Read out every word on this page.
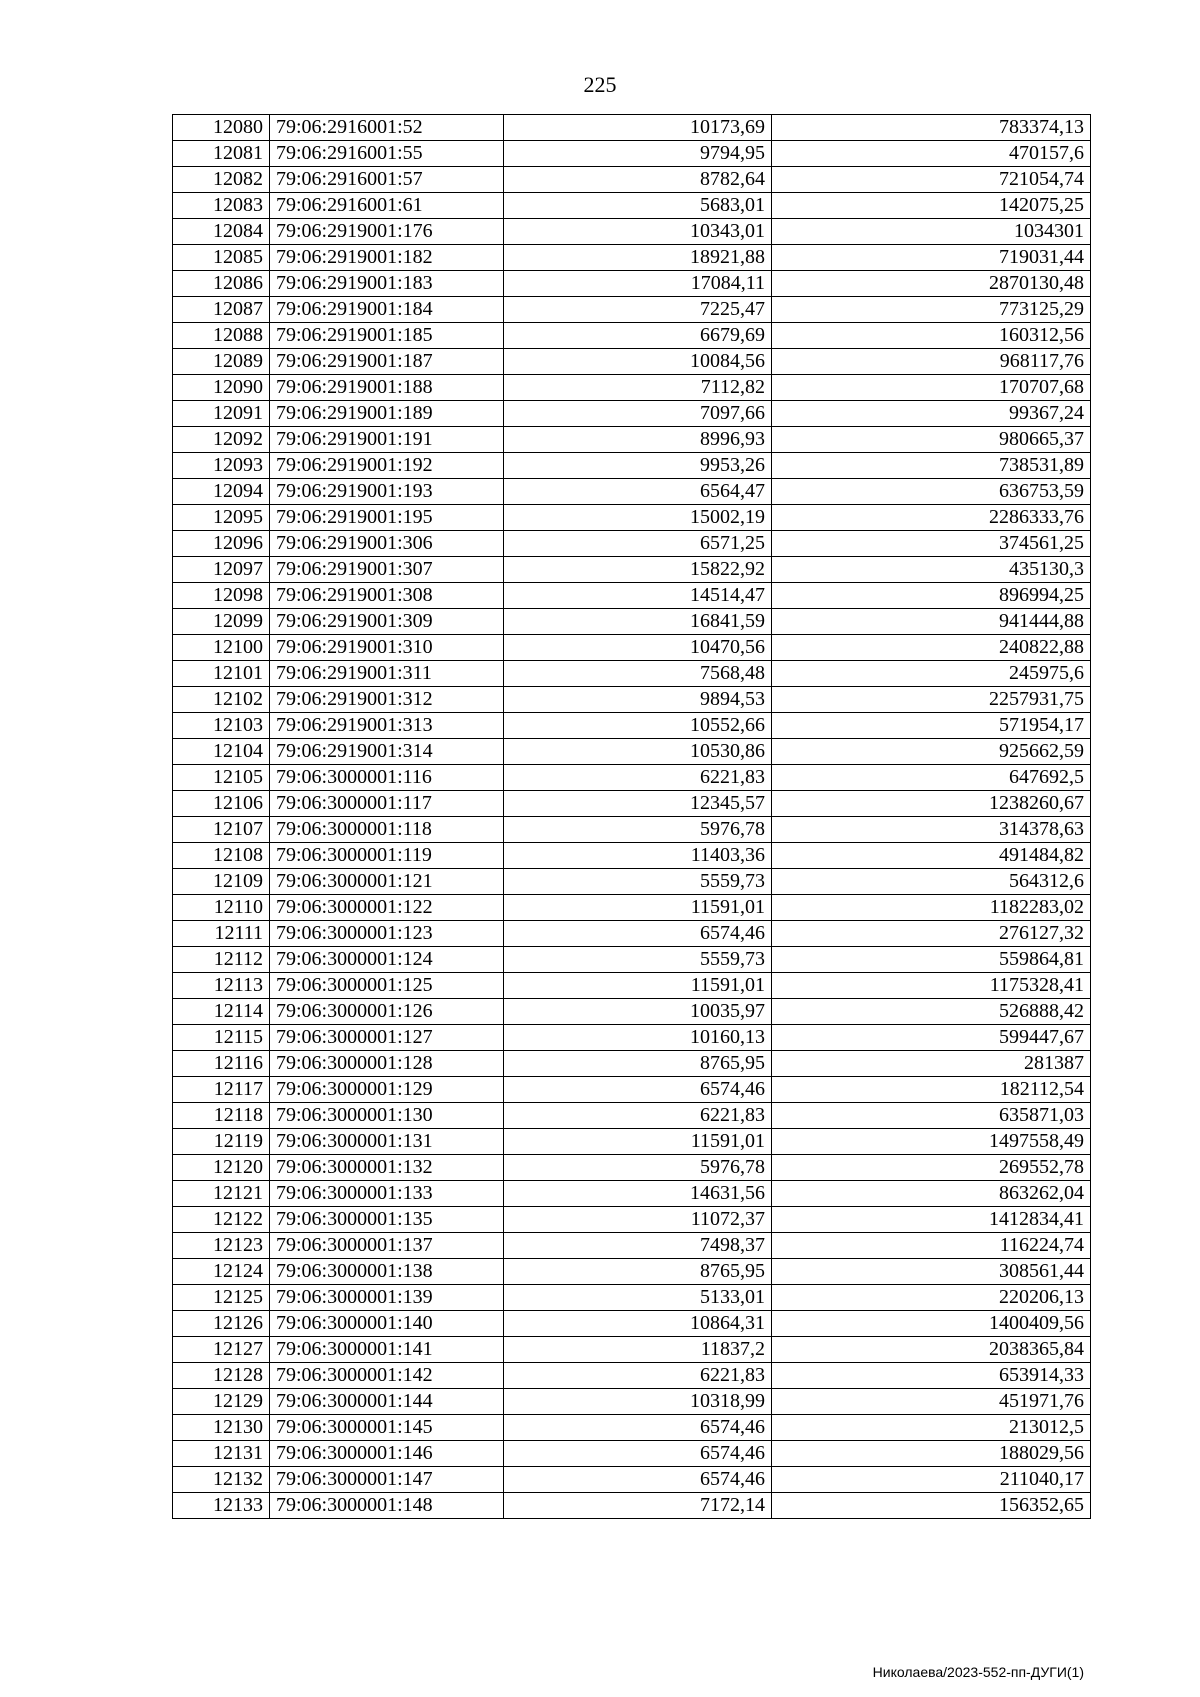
225
12080	79:06:2916001:52	10173,69	783374,13
12081	79:06:2916001:55	9794,95	470157,6
12082	79:06:2916001:57	8782,64	721054,74
12083	79:06:2916001:61	5683,01	142075,25
12084	79:06:2919001:176	10343,01	1034301
12085	79:06:2919001:182	18921,88	719031,44
12086	79:06:2919001:183	17084,11	2870130,48
12087	79:06:2919001:184	7225,47	773125,29
12088	79:06:2919001:185	6679,69	160312,56
12089	79:06:2919001:187	10084,56	968117,76
12090	79:06:2919001:188	7112,82	170707,68
12091	79:06:2919001:189	7097,66	99367,24
12092	79:06:2919001:191	8996,93	980665,37
12093	79:06:2919001:192	9953,26	738531,89
12094	79:06:2919001:193	6564,47	636753,59
12095	79:06:2919001:195	15002,19	2286333,76
12096	79:06:2919001:306	6571,25	374561,25
12097	79:06:2919001:307	15822,92	435130,3
12098	79:06:2919001:308	14514,47	896994,25
12099	79:06:2919001:309	16841,59	941444,88
12100	79:06:2919001:310	10470,56	240822,88
12101	79:06:2919001:311	7568,48	245975,6
12102	79:06:2919001:312	9894,53	2257931,75
12103	79:06:2919001:313	10552,66	571954,17
12104	79:06:2919001:314	10530,86	925662,59
12105	79:06:3000001:116	6221,83	647692,5
12106	79:06:3000001:117	12345,57	1238260,67
12107	79:06:3000001:118	5976,78	314378,63
12108	79:06:3000001:119	11403,36	491484,82
12109	79:06:3000001:121	5559,73	564312,6
12110	79:06:3000001:122	11591,01	1182283,02
12111	79:06:3000001:123	6574,46	276127,32
12112	79:06:3000001:124	5559,73	559864,81
12113	79:06:3000001:125	11591,01	1175328,41
12114	79:06:3000001:126	10035,97	526888,42
12115	79:06:3000001:127	10160,13	599447,67
12116	79:06:3000001:128	8765,95	281387
12117	79:06:3000001:129	6574,46	182112,54
12118	79:06:3000001:130	6221,83	635871,03
12119	79:06:3000001:131	11591,01	1497558,49
12120	79:06:3000001:132	5976,78	269552,78
12121	79:06:3000001:133	14631,56	863262,04
12122	79:06:3000001:135	11072,37	1412834,41
12123	79:06:3000001:137	7498,37	116224,74
12124	79:06:3000001:138	8765,95	308561,44
12125	79:06:3000001:139	5133,01	220206,13
12126	79:06:3000001:140	10864,31	1400409,56
12127	79:06:3000001:141	11837,2	2038365,84
12128	79:06:3000001:142	6221,83	653914,33
12129	79:06:3000001:144	10318,99	451971,76
12130	79:06:3000001:145	6574,46	213012,5
12131	79:06:3000001:146	6574,46	188029,56
12132	79:06:3000001:147	6574,46	211040,17
12133	79:06:3000001:148	7172,14	156352,65
Николаева/2023-552-пп-ДУГИ(1)
